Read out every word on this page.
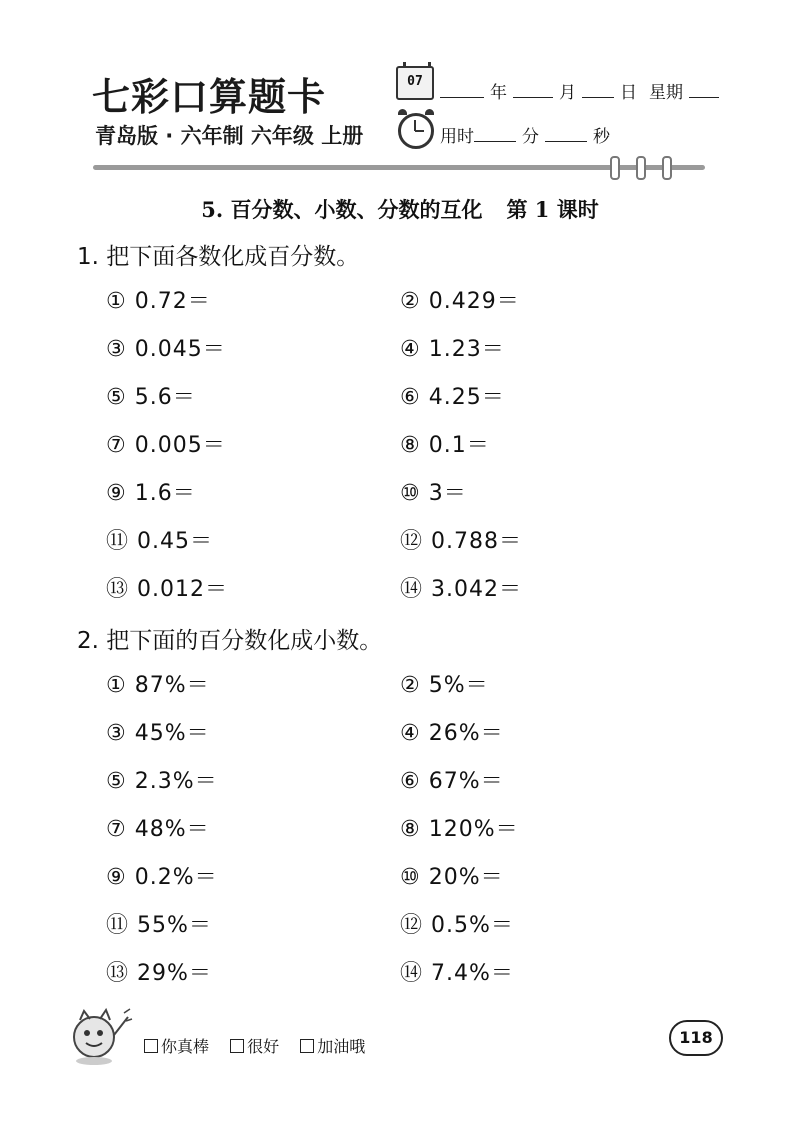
七彩口算题卡
青岛版 · 六年制 六年级 上册
07
年	月	日 星期
用时	分	秒
5. 百分数、小数、分数的互化 第 1 课时
1. 把下面各数化成百分数。
① 0.72＝	② 0.429＝
③ 0.045＝	④ 1.23＝
⑤ 5.6＝	⑥ 4.25＝
⑦ 0.005＝	⑧ 0.1＝
⑨ 1.6＝	⑩ 3＝
⑪ 0.45＝	⑫ 0.788＝
⑬ 0.012＝	⑭ 3.042＝
2. 把下面的百分数化成小数。
① 87%＝	② 5%＝
③ 45%＝	④ 26%＝
⑤ 2.3%＝	⑥ 67%＝
⑦ 48%＝	⑧ 120%＝
⑨ 0.2%＝	⑩ 20%＝
⑪ 55%＝	⑫ 0.5%＝
⑬ 29%＝	⑭ 7.4%＝
你真棒
很好
加油哦	118
